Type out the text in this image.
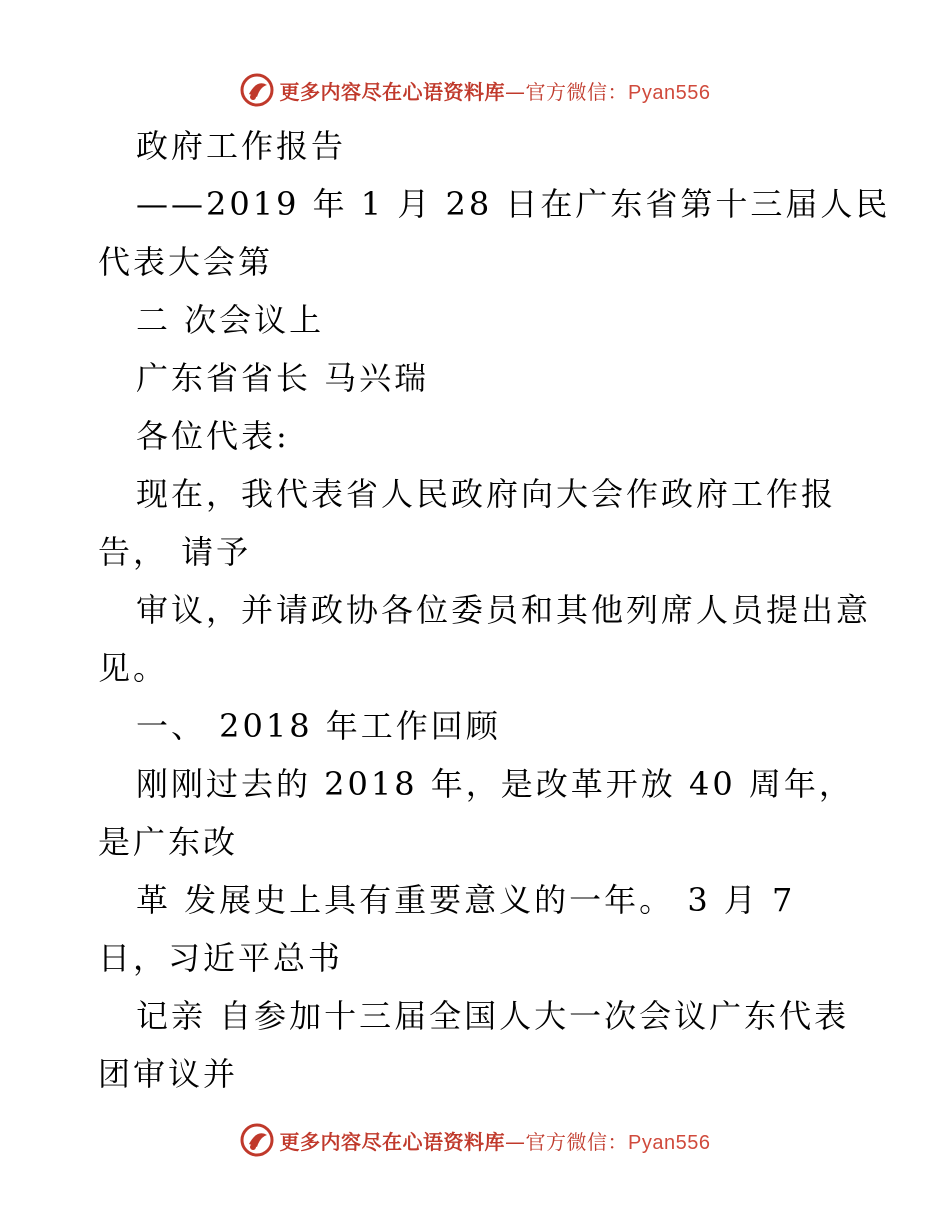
更多内容尽在心语资料库—官方微信：Pyan556
政府工作报告
——2019 年 1 月 28 日在广东省第十三届人民
代表大会第
二 次会议上
广东省省长 马兴瑞
各位代表:
现在，我代表省人民政府向大会作政府工作报
告， 请予
审议，并请政协各位委员和其他列席人员提出意
见。
一、 2018 年工作回顾
刚刚过去的 2018 年，是改革开放 40 周年，
是广东改
革 发展史上具有重要意义的一年。 3 月 7
日，习近平总书
记亲 自参加十三届全国人大一次会议广东代表
团审议并
更多内容尽在心语资料库—官方微信：Pyan556
